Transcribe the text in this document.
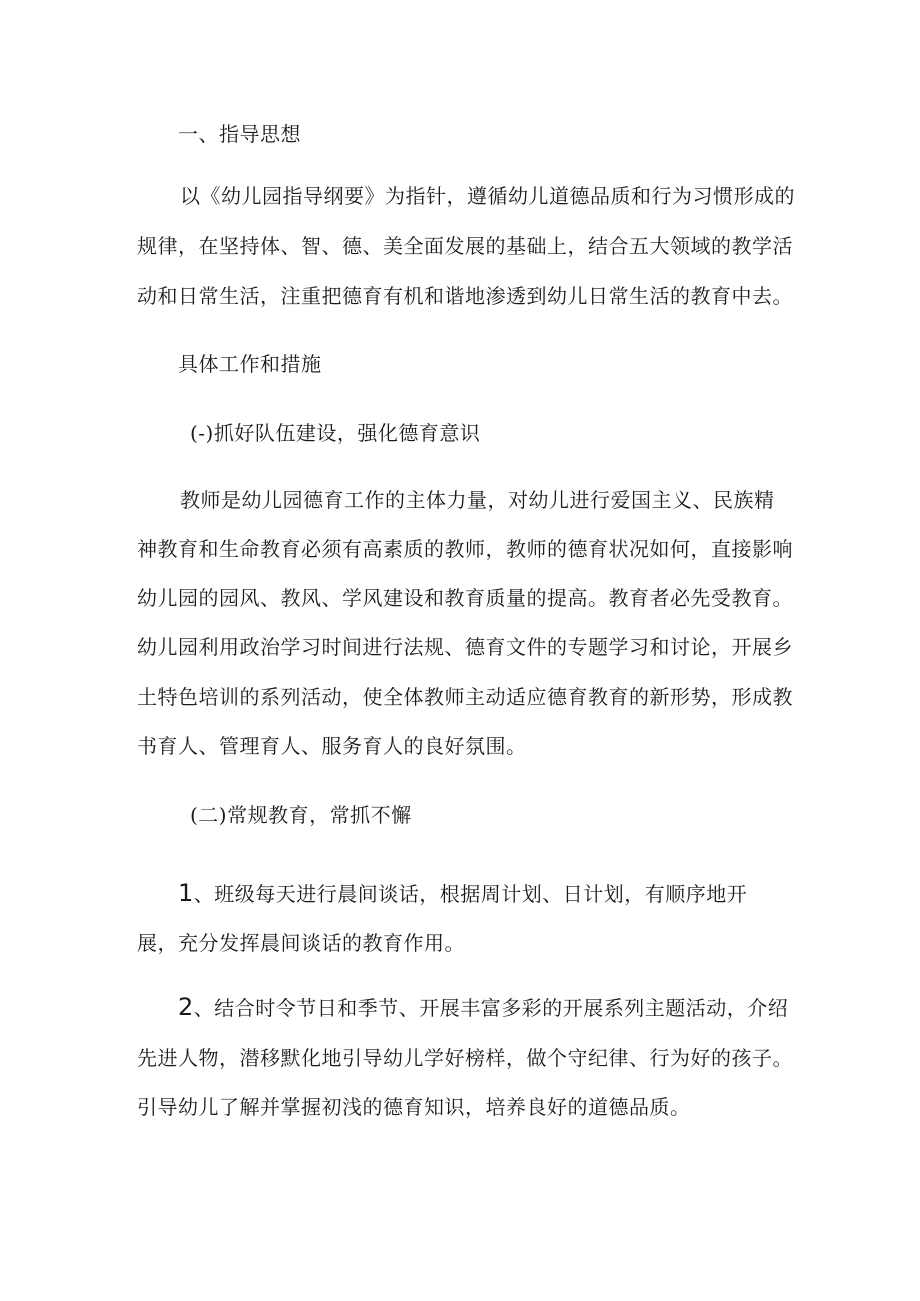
一、指导思想
以《幼儿园指导纲要》为指针，遵循幼儿道德品质和行为习惯形成的
规律，在坚持体、智、德、美全面发展的基础上，结合五大领域的教学活
动和日常生活，注重把德育有机和谐地渗透到幼儿日常生活的教育中去。
具体工作和措施
(-)抓好队伍建设，强化德育意识
教师是幼儿园德育工作的主体力量，对幼儿进行爱国主义、民族精
神教育和生命教育必须有高素质的教师，教师的德育状况如何，直接影响
幼儿园的园风、教风、学风建设和教育质量的提高。教育者必先受教育。
幼儿园利用政治学习时间进行法规、德育文件的专题学习和讨论，开展乡
土特色培训的系列活动，使全体教师主动适应德育教育的新形势，形成教
书育人、管理育人、服务育人的良好氛围。
(二)常规教育，常抓不懈
1、班级每天进行晨间谈话，根据周计划、日计划，有顺序地开
展，充分发挥晨间谈话的教育作用。
2、结合时令节日和季节、开展丰富多彩的开展系列主题活动，介绍
先进人物，潜移默化地引导幼儿学好榜样，做个守纪律、行为好的孩子。
引导幼儿了解并掌握初浅的德育知识，培养良好的道德品质。
